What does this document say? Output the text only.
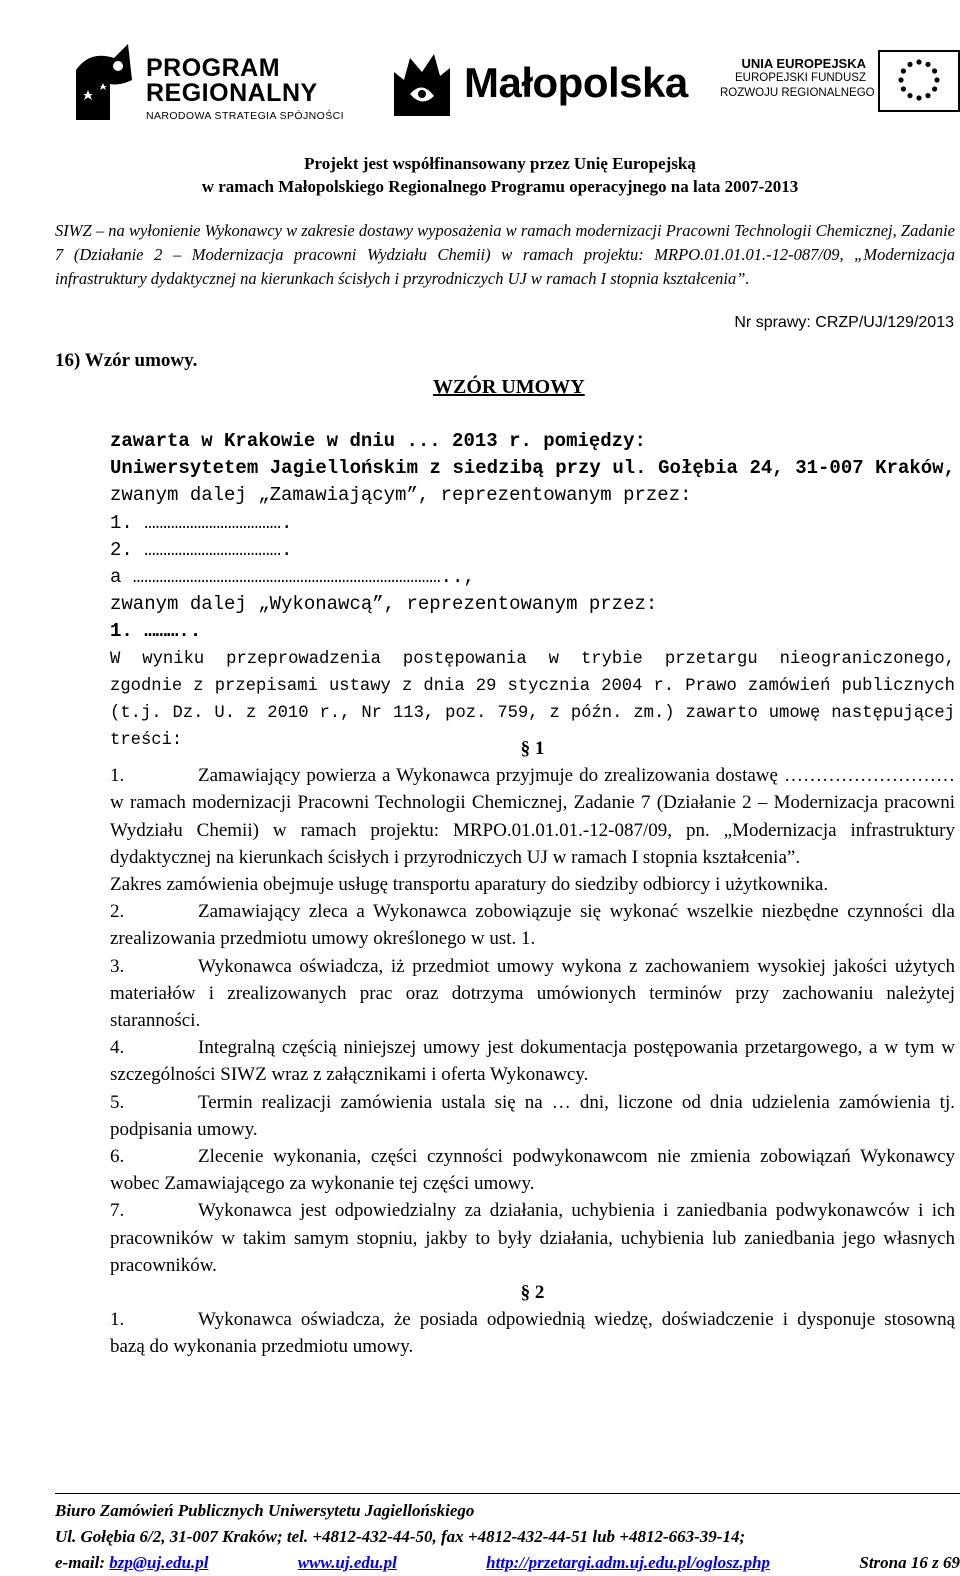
PROGRAM
REGIONALNY
NARODOWA STRATEGIA SPÓJNOŚCI
Małopolska	UNIA EUROPEJSKA
EUROPEJSKI FUNDUSZ
ROZWOJU REGIONALNEGO
Projekt jest współfinansowany przez Unię Europejską
w ramach Małopolskiego Regionalnego Programu operacyjnego na lata 2007-2013
SIWZ – na wyłonienie Wykonawcy w zakresie dostawy wyposażenia w ramach modernizacji Pracowni Technologii Chemicznej, Zadanie 7 (Działanie 2 – Modernizacja pracowni Wydziału Chemii) w ramach projektu: MRPO.01.01.01.-12-087/09, „Modernizacja infrastruktury dydaktycznej na kierunkach ścisłych i przyrodniczych UJ w ramach I stopnia kształcenia”.
Nr sprawy: CRZP/UJ/129/2013
16) Wzór umowy.
WZÓR UMOWY
zawarta w Krakowie w dniu ... 2013 r. pomiędzy:
Uniwersytetem Jagiellońskim z siedzibą przy ul. Gołębia 24, 31-007 Kraków,
zwanym dalej „Zamawiającym”, reprezentowanym przez:
1. ……………………………….
2. ……………………………….
a ………………………………………………………………………..,
zwanym dalej „Wykonawcą”, reprezentowanym przez:
1. ………..
W wyniku przeprowadzenia postępowania w trybie przetargu nieograniczonego, zgodnie z przepisami ustawy z dnia 29 stycznia 2004 r. Prawo zamówień publicznych (t.j. Dz. U. z 2010 r., Nr 113, poz. 759, z późn. zm.) zawarto umowę następującej treści:	§ 1

1.	Zamawiający powierza a Wykonawca przyjmuje do zrealizowania dostawę ……………………… w ramach modernizacji Pracowni Technologii Chemicznej, Zadanie 7 (Działanie 2 – Modernizacja pracowni Wydziału Chemii) w ramach projektu: MRPO.01.01.01.-12-087/09, pn. „Modernizacja infrastruktury dydaktycznej na kierunkach ścisłych i przyrodniczych UJ w ramach I stopnia kształcenia”.

Zakres zamówienia obejmuje usługę transportu aparatury do siedziby odbiorcy i użytkownika.

2.	Zamawiający zleca a Wykonawca zobowiązuje się wykonać wszelkie niezbędne czynności dla zrealizowania przedmiotu umowy określonego w ust. 1.

3.	Wykonawca oświadcza, iż przedmiot umowy wykona z zachowaniem wysokiej jakości użytych materiałów i zrealizowanych prac oraz dotrzyma umówionych terminów przy zachowaniu należytej staranności.

4.	Integralną częścią niniejszej umowy jest dokumentacja postępowania przetargowego, a w tym w szczególności SIWZ wraz z załącznikami i oferta Wykonawcy.

5.	Termin realizacji zamówienia ustala się na … dni, liczone od dnia udzielenia zamówienia tj. podpisania umowy.

6.	Zlecenie wykonania, części czynności podwykonawcom nie zmienia zobowiązań Wykonawcy wobec Zamawiającego za wykonanie tej części umowy.

7.	Wykonawca jest odpowiedzialny za działania, uchybienia i zaniedbania podwykonawców i ich pracowników w takim samym stopniu, jakby to były działania, uchybienia lub zaniedbania jego własnych pracowników.

§ 2

1.	Wykonawca oświadcza, że posiada odpowiednią wiedzę, doświadczenie i dysponuje stosowną bazą do wykonania przedmiotu umowy.

Biuro Zamówień Publicznych Uniwersytetu Jagiellońskiego
Ul. Gołębia 6/2, 31-007 Kraków; tel. +4812-432-44-50, fax +4812-432-44-51 lub +4812-663-39-14;
e-mail: bzp@uj.edu.pl	www.uj.edu.pl	http://przetargi.adm.uj.edu.pl/oglosz.php	Strona 16 z 69
